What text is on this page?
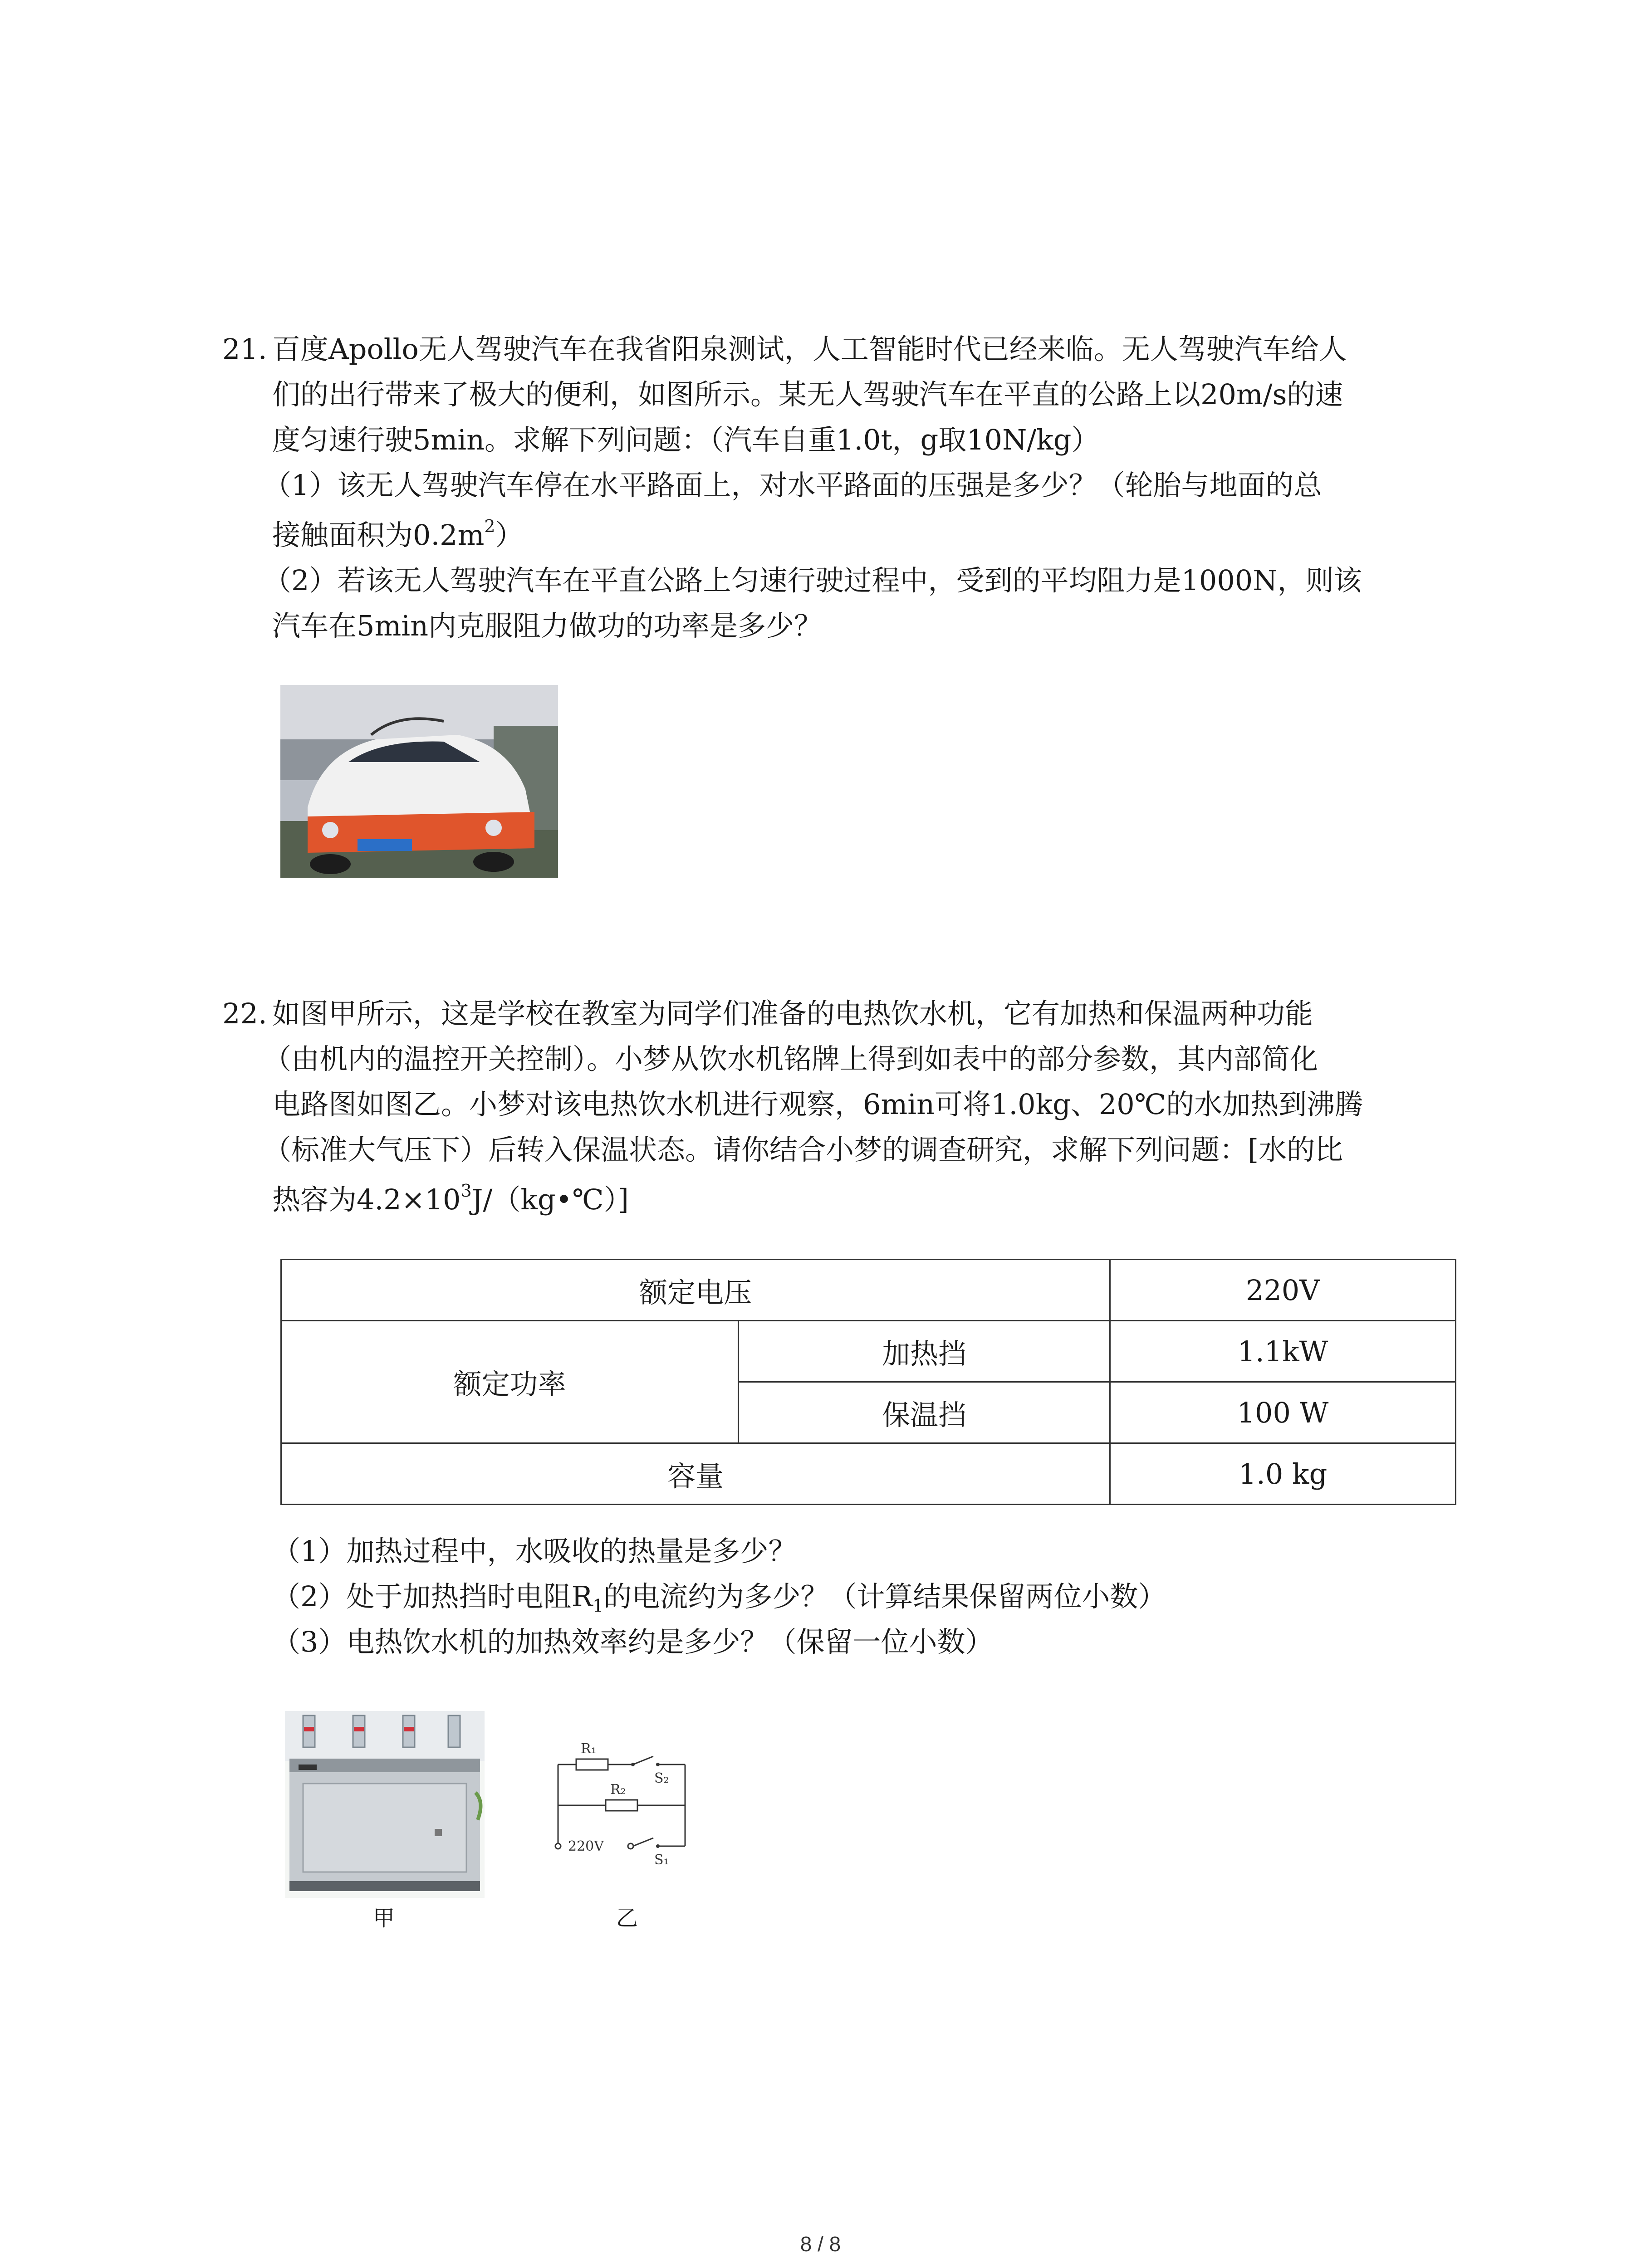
21. 百度Apollo无人驾驶汽车在我省阳泉测试，人工智能时代已经来临。无人驾驶汽车给人
们的出行带来了极大的便利，如图所示。某无人驾驶汽车在平直的公路上以20m/s的速
度匀速行驶5min。求解下列问题：（汽车自重1.0t，g取10N/kg）
（1）该无人驾驶汽车停在水平路面上，对水平路面的压强是多少？（轮胎与地面的总
接触面积为$0.2m^2$）
（2）若该无人驾驶汽车在平直公路上匀速行驶过程中，受到的平均阻力是1000N，则该
汽车在5min内克服阻力做功的功率是多少？
22. 如图甲所示，这是学校在教室为同学们准备的电热饮水机，它有加热和保温两种功能
（由机内的温控开关控制）。小梦从饮水机铭牌上得到如表中的部分参数，其内部简化
电路图如图乙。小梦对该电热饮水机进行观察，6min可将1.0kg、20℃的水加热到沸腾
（标准大气压下）后转入保温状态。请你结合小梦的调查研究，求解下列问题：[水的比
热容为$4.2\times 10^3J/(kg•℃)$]
额定电压		220V
额定功率	加热挡	1.1kW
	保温挡	100 W
容量		1.0 kg
（1）加热过程中，水吸收的热量是多少？
（2）处于加热挡时电阻$R_1$的电流约为多少？（计算结果保留两位小数）
（3）电热饮水机的加热效率约是多少？（保留一位小数）
甲
R₁
S₂
R₂
220V
S₁
乙
8 / 8
